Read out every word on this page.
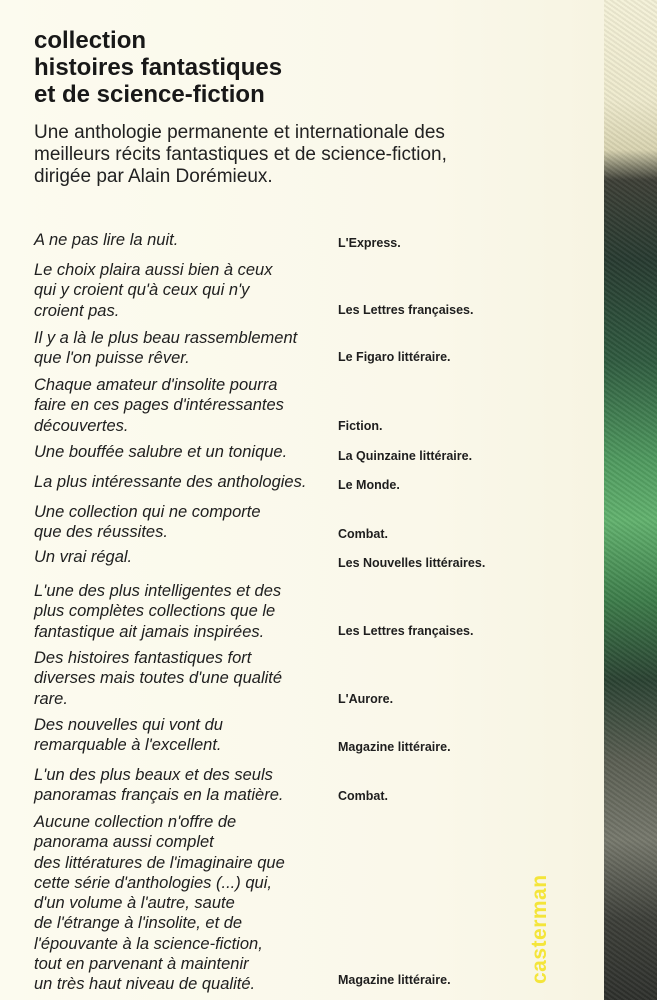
casterman
collection
histoires fantastiques
et de science-fiction
Une anthologie permanente et internationale des
meilleurs récits fantastiques et de science-fiction,
dirigée par Alain Dorémieux.
A ne pas lire la nuit.	L'Express.
Le choix plaira aussi bien à ceux
qui y croient qu'à ceux qui n'y
croient pas.	Les Lettres françaises.
Il y a là le plus beau rassemblement
que l'on puisse rêver.	Le Figaro littéraire.
Chaque amateur d'insolite pourra
faire en ces pages d'intéressantes
découvertes.	Fiction.
Une bouffée salubre et un tonique.	La Quinzaine littéraire.
La plus intéressante des anthologies.	Le Monde.
Une collection qui ne comporte
que des réussites.	Combat.
Un vrai régal.	Les Nouvelles littéraires.
L'une des plus intelligentes et des
plus complètes collections que le
fantastique ait jamais inspirées.	Les Lettres françaises.
Des histoires fantastiques fort
diverses mais toutes d'une qualité
rare.	L'Aurore.
Des nouvelles qui vont du
remarquable à l'excellent.	Magazine littéraire.
L'un des plus beaux et des seuls
panoramas français en la matière.	Combat.
Aucune collection n'offre de
panorama aussi complet
des littératures de l'imaginaire que
cette série d'anthologies (...) qui,
d'un volume à l'autre, saute
de l'étrange à l'insolite, et de
l'épouvante à la science-fiction,
tout en parvenant à maintenir
un très haut niveau de qualité.	Magazine littéraire.
